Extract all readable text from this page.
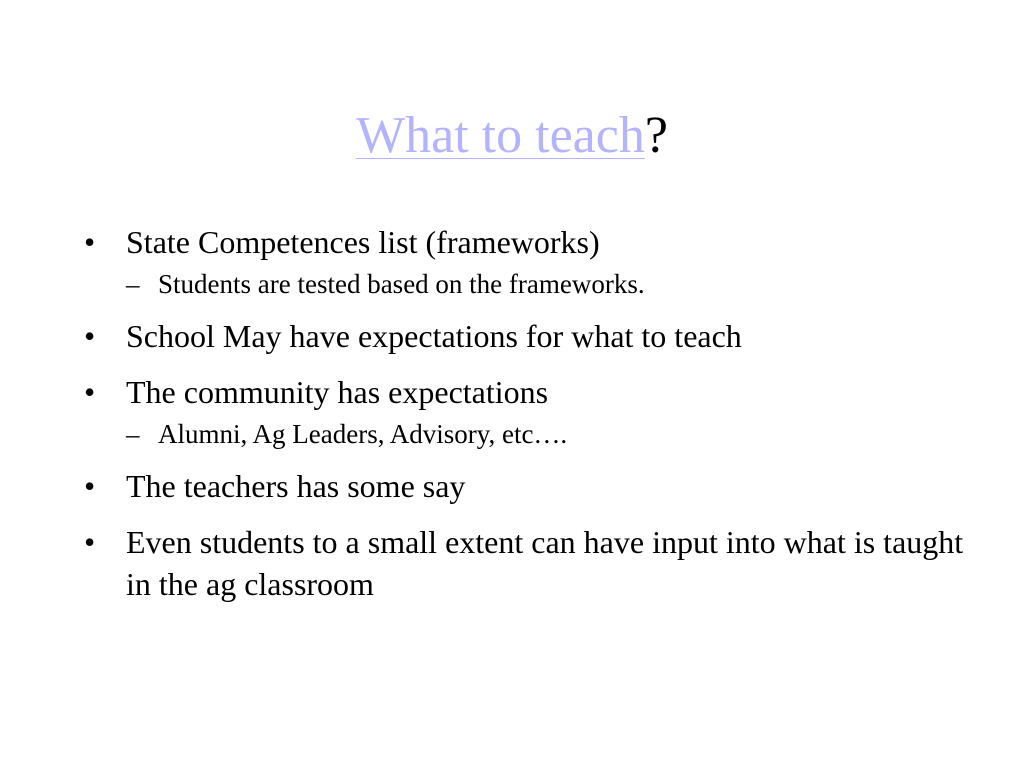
What to teach?
• State Competences list (frameworks)
– Students are tested based on the frameworks.
• School May have expectations for what to teach
• The community has expectations
– Alumni, Ag Leaders, Advisory, etc….
• The teachers has some say
• Even students to a small extent can have input into what is taught in the ag classroom
